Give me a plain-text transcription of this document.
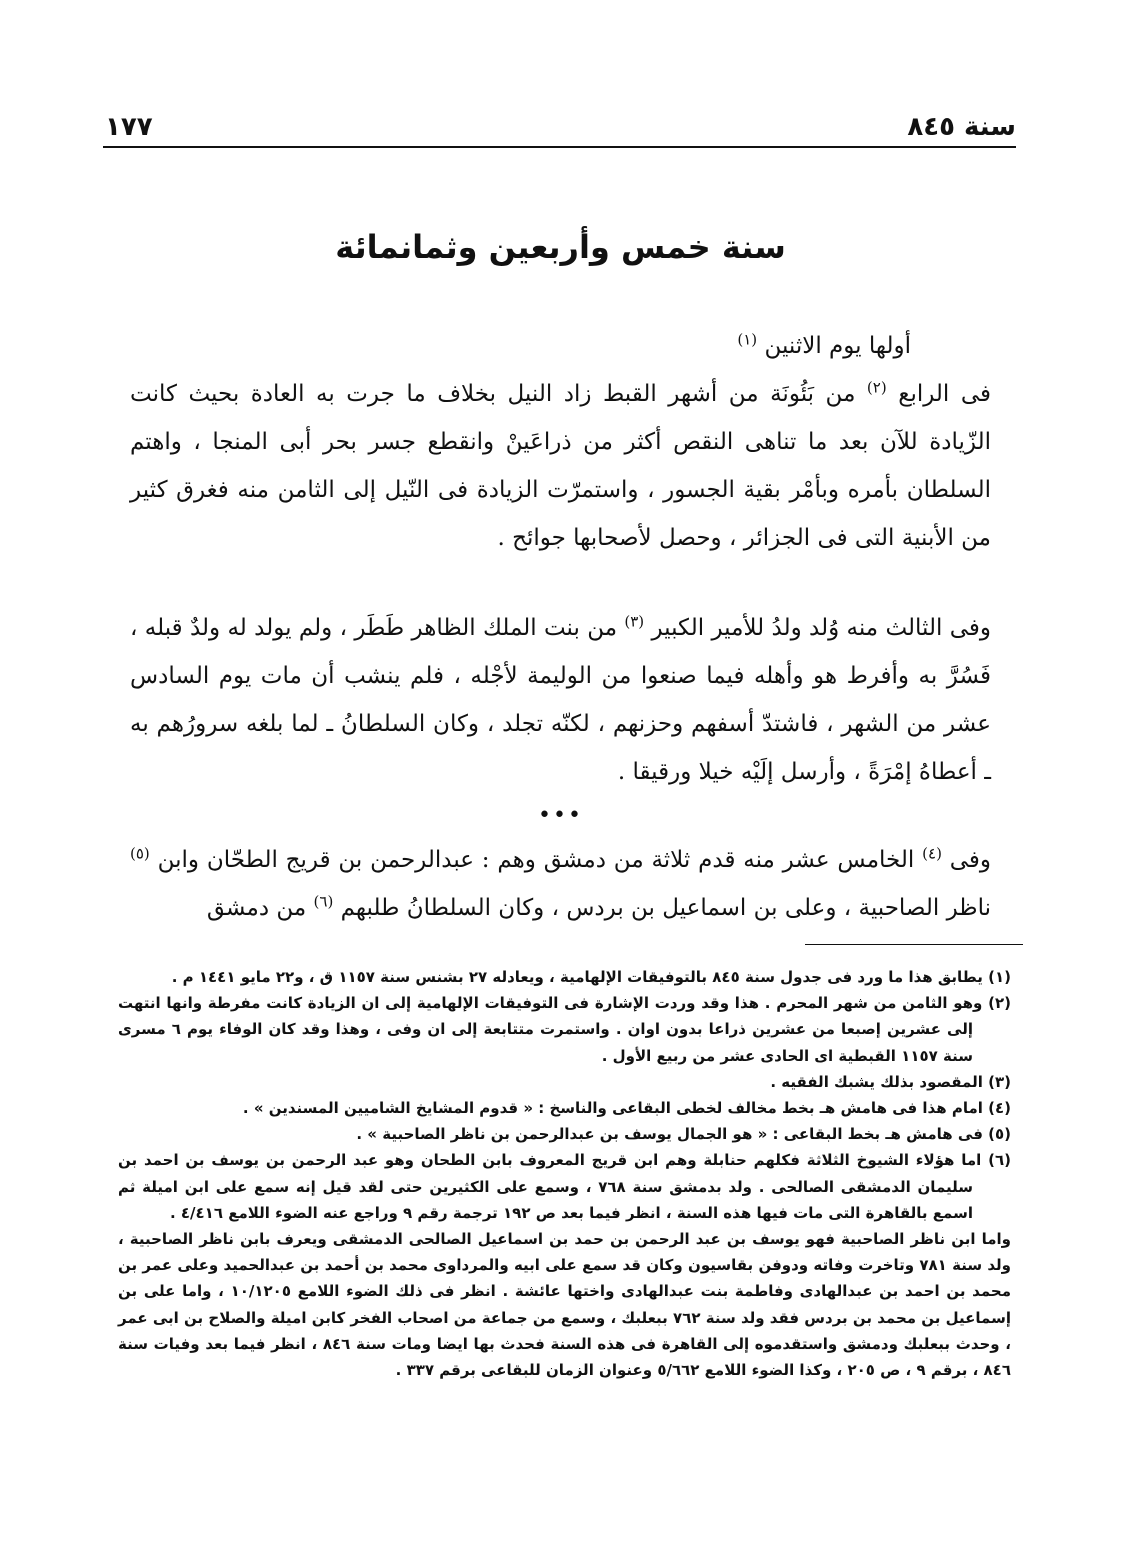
سنة ٨٤٥
١٧٧
سنة خمس وأربعين وثمانمائة

أولها يوم الاثنين $^{(١)}$

فى الرابع $^{(٢)}$ من بَئُونَة من أشهر القبط زاد النيل بخلاف ما جرت به العادة بحيث كانت الزّيادة للآن بعد ما تناهى النقص أكثر من ذراعَينْ وانقطع جسر بحر أبى المنجا ، واهتم السلطان بأمره وبأمْر بقية الجسور ، واستمرّت الزيادة فى النّيل إلى الثامن منه فغرق كثير من الأبنية التى فى الجزائر ، وحصل لأصحابها جوائح .

وفى الثالث منه وُلد ولدُ للأمير الكبير $^{(٣)}$ من بنت الملك الظاهر طَطَر ، ولم يولد له ولدٌ قبله ، فَسُرَّ به وأفرط هو وأهله فيما صنعوا من الوليمة لأجْله ، فلم ينشب أن مات يوم السادس عشر من الشهر ، فاشتدّ أسفهم وحزنهم ، لكنّه تجلد ، وكان السلطانُ ـ لما بلغه سرورُهم به ـ أعطاهُ إمْرَةً ، وأرسل إلَيْه خيلا ورقيقا .

•••

وفى $^{(٤)}$ الخامس عشر منه قدم ثلاثة من دمشق وهم : عبدالرحمن بن قريج الطحّان وابن $^{(٥)}$ ناظر الصاحبية ، وعلى بن اسماعيل بن بردس ، وكان السلطانُ طلبهم $^{(٦)}$ من دمشق

(١) يطابق هذا ما ورد فى جدول سنة ٨٤٥ بالتوفيقات الإلهامية ، ويعادله ٢٧ بشنس سنة ١١٥٧ ق ، و٢٢ مايو ١٤٤١ م .

(٢) وهو الثامن من شهر المحرم . هذا وقد وردت الإشارة فى التوفيقات الإلهامية إلى ان الزيادة كانت مفرطة وانها انتهت إلى عشرين إصبعا من عشرين ذراعا بدون اوان . واستمرت متتابعة إلى ان وفى ، وهذا وقد كان الوفاء يوم ٦ مسرى سنة ١١٥٧ القبطية اى الحادى عشر من ربيع الأول .

(٣) المقصود بذلك يشبك الفقيه .

(٤) امام هذا فى هامش هـ بخط مخالف لخطى البقاعى والناسخ : « قدوم المشايخ الشاميين المسندين » .

(٥) فى هامش هـ بخط البقاعى : « هو الجمال يوسف بن عبدالرحمن بن ناظر الصاحبية » .

(٦) اما هؤلاء الشيوخ الثلاثة فكلهم حنابلة وهم ابن قريج المعروف بابن الطحان وهو عبد الرحمن بن يوسف بن احمد بن سليمان الدمشقى الصالحى . ولد بدمشق سنة ٧٦٨ ، وسمع على الكثيرين حتى لقد قيل إنه سمع على ابن اميلة ثم اسمع بالقاهرة التى مات فيها هذه السنة ، انظر فيما بعد ص ١٩٢ ترجمة رقم ٩ وراجع عنه الضوء اللامع ٤/٤١٦ .

واما ابن ناظر الصاحبية فهو يوسف بن عبد الرحمن بن حمد بن اسماعيل الصالحى الدمشقى ويعرف بابن ناظر الصاحبية ، ولد سنة ٧٨١ وتاخرت وفاته ودوفن بقاسيون وكان قد سمع على ابيه والمرداوى محمد بن أحمد بن عبدالحميد وعلى عمر بن محمد بن احمد بن عبدالهادى وفاطمة بنت عبدالهادى واختها عائشة . انظر فى ذلك الضوء اللامع ١٠/١٢٠٥ ، واما على بن إسماعيل بن محمد بن بردس فقد ولد سنة ٧٦٢ ببعلبك ، وسمع من جماعة من اصحاب الفخر كابن اميلة والصلاح بن ابى عمر ، وحدث ببعلبك ودمشق واستقدموه إلى القاهرة فى هذه السنة فحدث بها ايضا ومات سنة ٨٤٦ ، انظر فيما بعد وفيات سنة ٨٤٦ ، برقم ٩ ، ص ٢٠٥ ، وكذا الضوء اللامع ٥/٦٦٢ وعنوان الزمان للبقاعى برقم ٣٣٧ .
